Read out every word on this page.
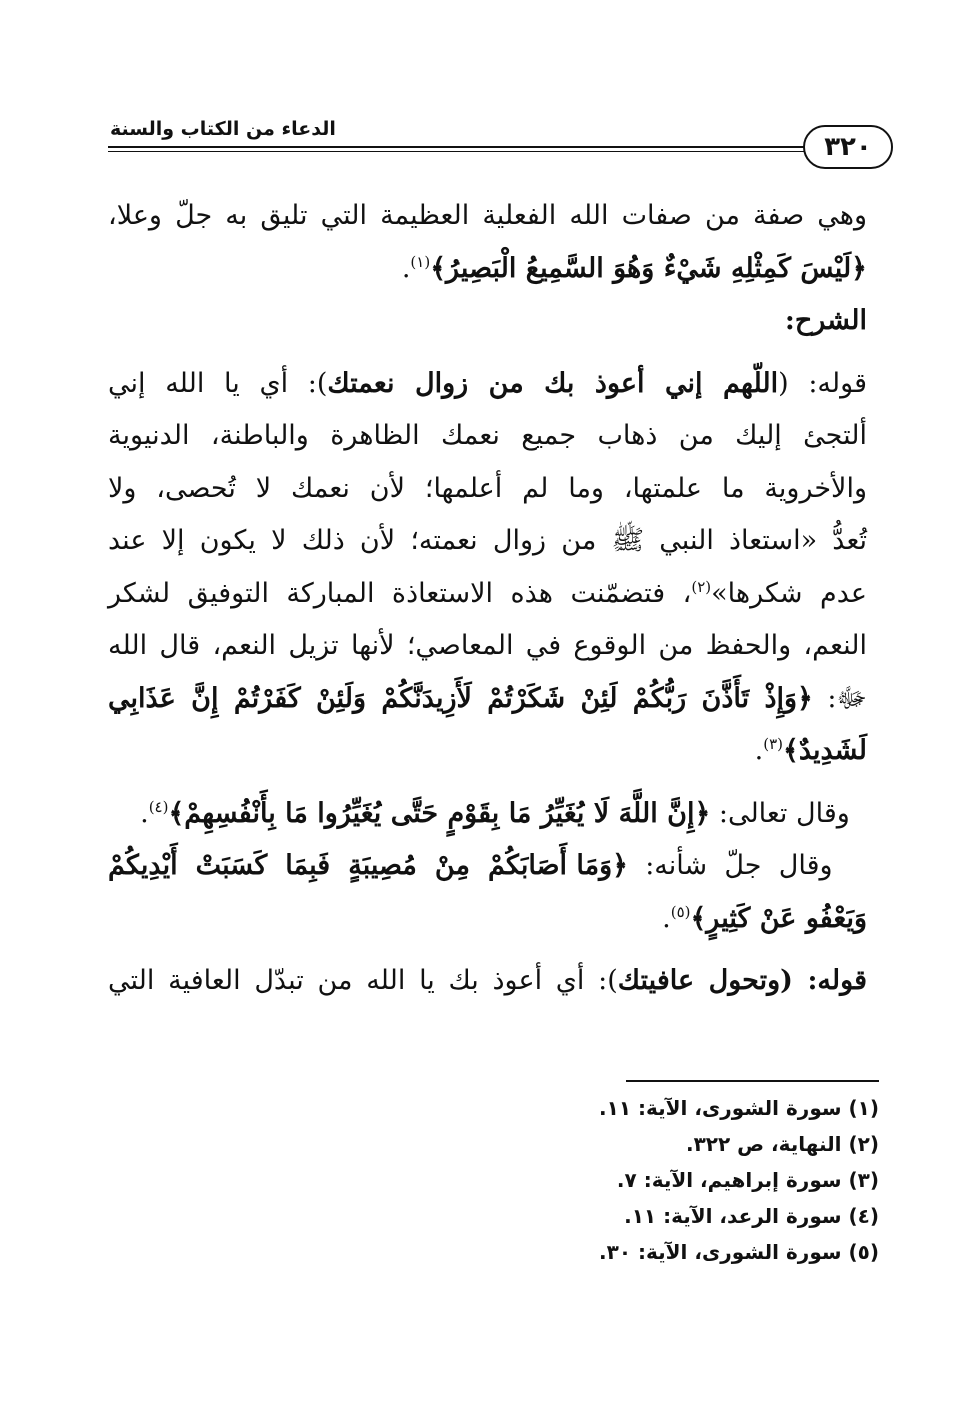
الدعاء من الكتاب والسنة
٣٢٠
وهي صفة من صفات الله الفعلية العظيمة التي تليق به جلّ وعلا،
﴿لَيْسَ كَمِثْلِهِ شَيْءٌ وَهُوَ السَّمِيعُ الْبَصِيرُ﴾$^{(١)}$.
الشرح:
قوله: (اللّهم إني أعوذ بك من زوال نعمتك): أي يا الله إني
ألتجئ إليك من ذهاب جميع نعمك الظاهرة والباطنة، الدنيوية
والأخروية ما علمتها، وما لم أعلمها؛ لأن نعمك لا تُحصى، ولا
تُعدُّ «استعاذ النبي ﷺ من زوال نعمته؛ لأن ذلك لا يكون إلا عند
عدم شكرها»$^{(٢)}$، فتضمّنت هذه الاستعاذة المباركة التوفيق لشكر
النعم، والحفظ من الوقوع في المعاصي؛ لأنها تزيل النعم، قال الله
ﷻ: ﴿وَإِذْ تَأَذَّنَ رَبُّكُمْ لَئِنْ شَكَرْتُمْ لَأَزِيدَنَّكُمْ وَلَئِنْ كَفَرْتُمْ إِنَّ عَذَابِي
لَشَدِيدٌ﴾$^{(٣)}$.
وقال تعالى: ﴿إِنَّ اللَّهَ لَا يُغَيِّرُ مَا بِقَوْمٍ حَتَّى يُغَيِّرُوا مَا بِأَنْفُسِهِمْ﴾$^{(٤)}$.
وقال جلّ شأنه: ﴿وَمَا أَصَابَكُمْ مِنْ مُصِيبَةٍ فَبِمَا كَسَبَتْ أَيْدِيكُمْ
وَيَعْفُو عَنْ كَثِيرٍ﴾$^{(٥)}$.
قوله: (وتحول عافيتك): أي أعوذ بك يا الله من تبدّل العافية التي
(١) سورة الشورى، الآية: ١١.
(٢) النهاية، ص ٣٢٢.
(٣) سورة إبراهيم، الآية: ٧.
(٤) سورة الرعد، الآية: ١١.
(٥) سورة الشورى، الآية: ٣٠.
